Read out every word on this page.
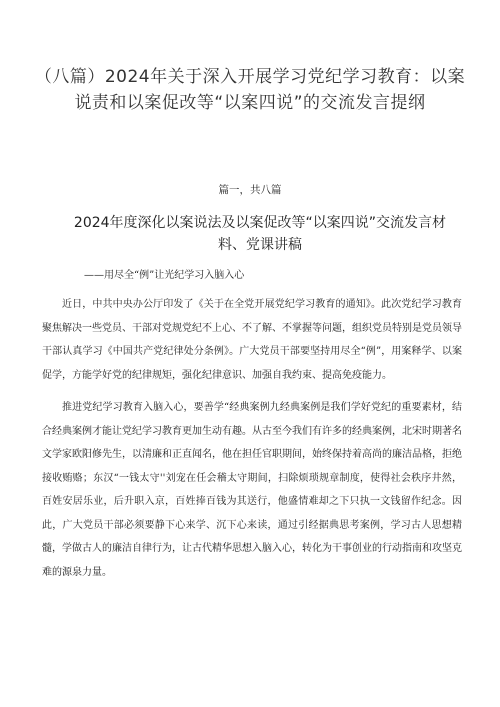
（八篇）2024年关于深入开展学习党纪学习教育：以案说责和以案促改等“以案四说”的交流发言提纲
篇一，共八篇
2024年度深化以案说法及以案促改等“以案四说”交流发言材料、党课讲稿
——用尽全“例”让光纪学习入脑入心

近日，中共中央办公厅印发了《关于在全党开展党纪学习教育的通知》。此次党纪学习教育聚焦解决一些党员、干部对党规党纪不上心、不了解、不掌握等问题，组织党员特别是党员领导干部认真学习《中国共产党纪律处分条例》。广大党员干部要坚持用尽全“例”，用案释学、以案促学，方能学好党的纪律规矩，强化纪律意识、加强自我约束、提高免疫能力。

推进党纪学习教育入脑入心，要善学“经典案例九经典案例是我们学好党纪的重要素材，结合经典案例才能让党纪学习教育更加生动有趣。从古至今我们有许多的经典案例，北宋时期著名文学家欧阳修先生，以清廉和正直闻名，他在担任官职期间，始终保持着高尚的廉洁品格，拒绝接收贿赂；东汉“一钱太守''刘宠在任会稽太守期间，扫除烦琐规章制度，使得社会秩序井然，百姓安居乐业，后升职入京，百姓捧百钱为其送行，他盛情难却之下只执一文钱留作纪念。因此，广大党员干部必须要静下心来学、沉下心来读，通过引经据典思考案例，学习古人思想精髓，学做古人的廉洁自律行为，让古代精华思想入脑入心，转化为干事创业的行动指南和攻坚克难的源泉力量。
